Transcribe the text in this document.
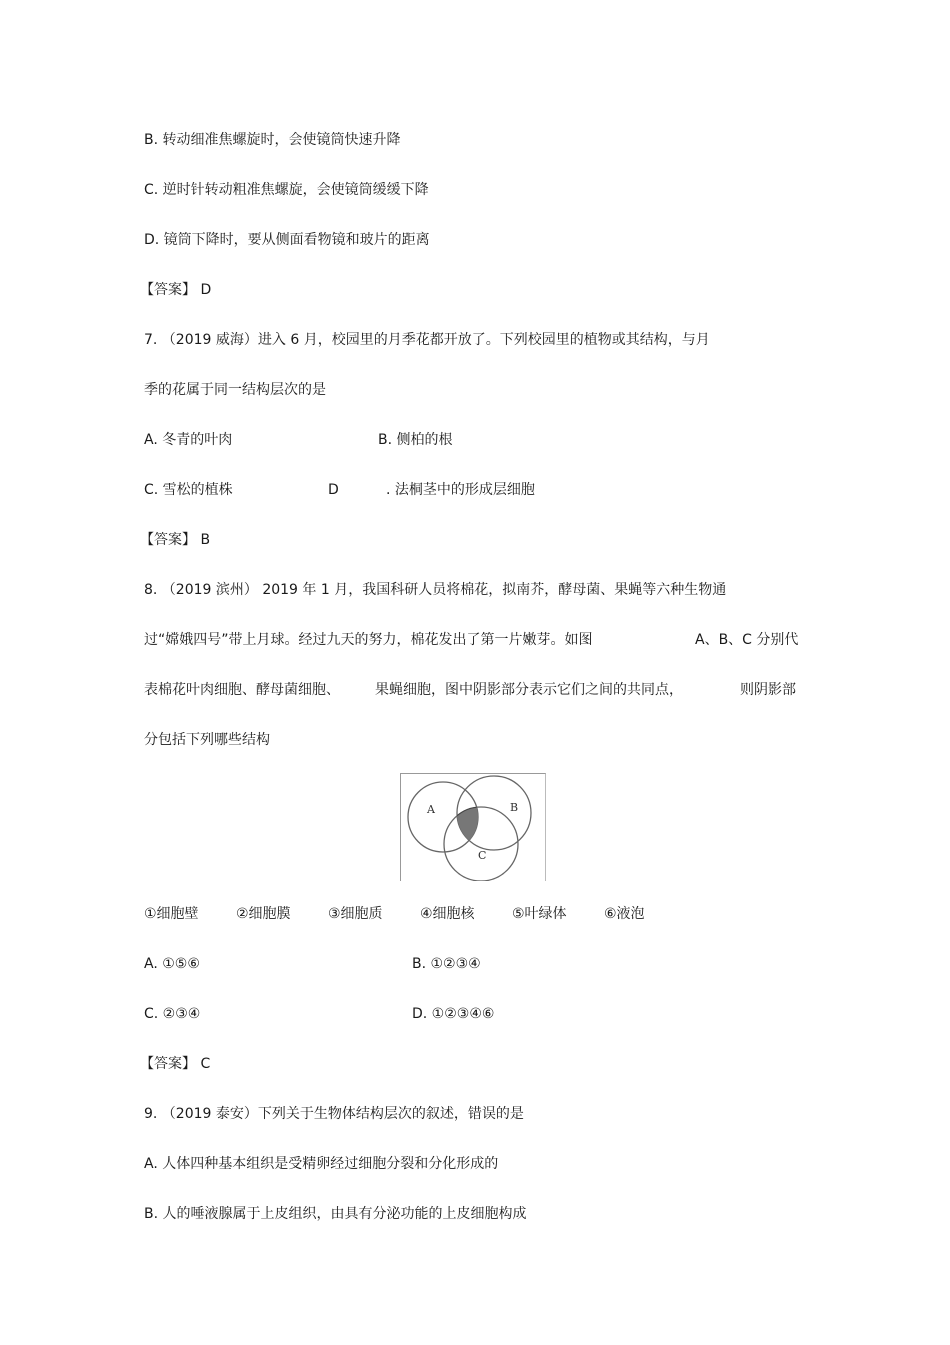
B. 转动细准焦螺旋时，会使镜筒快速升降
C. 逆时针转动粗准焦螺旋，会使镜筒缓缓下降
D. 镜筒下降时，要从侧面看物镜和玻片的距离
【答案】 D
7. （2019 威海）进入 6 月，校园里的月季花都开放了。下列校园里的植物或其结构，与月
季的花属于同一结构层次的是
A. 冬青的叶肉	B. 侧柏的根
C. 雪松的植株	D	. 法桐茎中的形成层细胞
【答案】 B
8. （2019 滨州） 2019 年 1 月，我国科研人员将棉花，拟南芥，酵母菌、果蝇等六种生物通
过“嫦娥四号”带上月球。经过九天的努力，棉花发出了第一片嫩芽。如图	A、B、C 分别代
表棉花叶肉细胞、酵母菌细胞、	果蝇细胞，图中阴影部分表示它们之间的共同点，	则阴影部
分包括下列哪些结构
A	B
C
①细胞壁	②细胞膜	③细胞质	④细胞核	⑤叶绿体	⑥液泡
A. ①⑤⑥	B. ①②③④
C. ②③④	D. ①②③④⑥
【答案】 C
9. （2019 泰安）下列关于生物体结构层次的叙述，错误的是
A. 人体四种基本组织是受精卵经过细胞分裂和分化形成的
B. 人的唾液腺属于上皮组织，由具有分泌功能的上皮细胞构成
